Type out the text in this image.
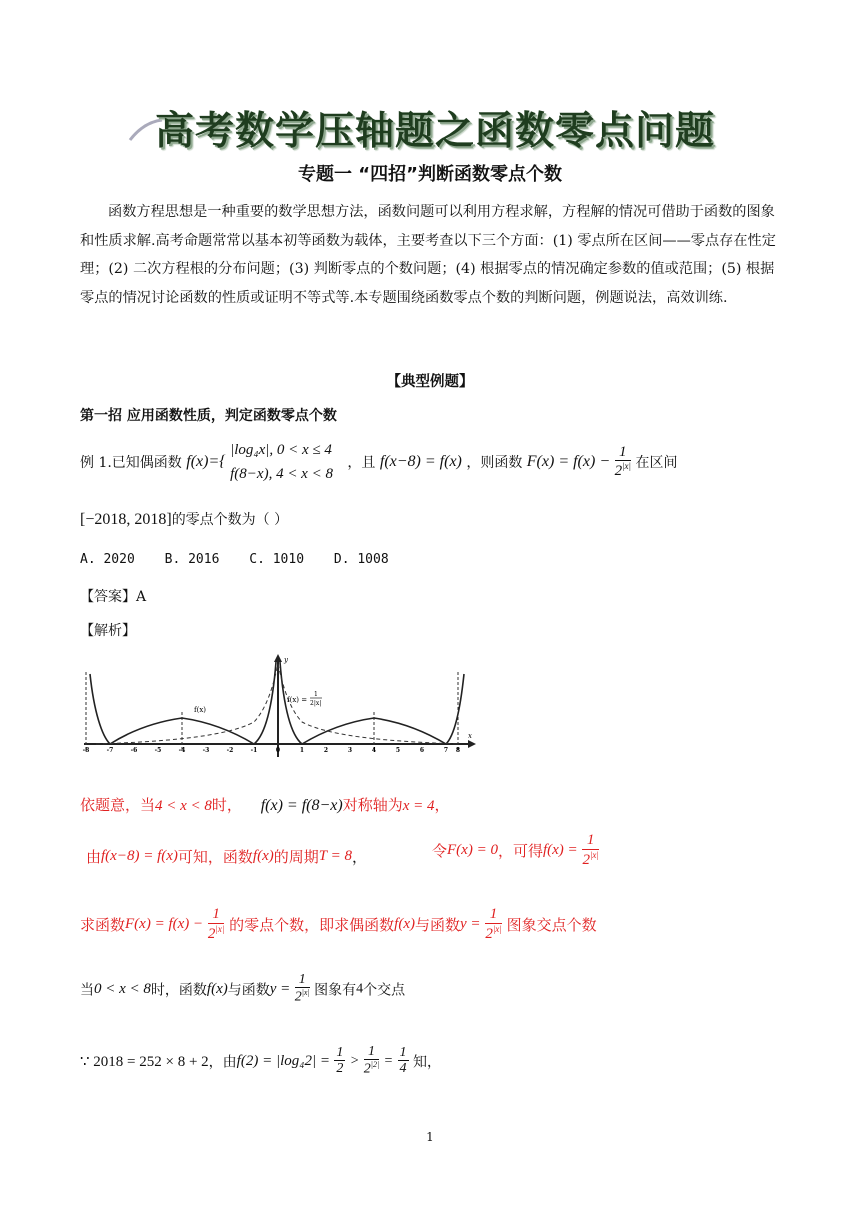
高考数学压轴题之函数零点问题
专题一 “四招”判断函数零点个数
函数方程思想是一种重要的数学思想方法，函数问题可以利用方程求解，方程解的情况可借助于函数的图象和性质求解.高考命题常常以基本初等函数为载体，主要考查以下三个方面：(1) 零点所在区间——零点存在性定理；(2) 二次方程根的分布问题；(3) 判断零点的个数问题；(4) 根据零点的情况确定参数的值或范围；(5) 根据零点的情况讨论函数的性质或证明不等式等.本专题围绕函数零点个数的判断问题，例题说法，高效训练.
【典型例题】
第一招 应用函数性质，判定函数零点个数
例 1.已知偶函数 f(x)={
|log₄x|, 0 < x ≤ 4
f(8−x), 4 < x < 8
，且 f(x−8) = f(x) ，则函数 $F(x) = f(x) - \frac{1}{2^{|x|}}$ 在区间
[−2018, 2018]的零点个数为（ ）
A. 2020 B. 2016 C. 1010 D. 1008
【答案】A
【解析】
y
x
f(x)
f(x) =
1
2|x|
-8	-7	-6	-5	-4	-3	-2	-1	0	1	2	3	4	5	6	7 8
依题意，当4 < x < 8时， f(x) = f(8−x)对称轴为x = 4，
由f(x−8) = f(x)可知，函数f(x)的周期T = 8，	令F(x) = 0，可得$f(x) = \frac{1}{2^{|x|}}$
求函数$F(x) = f(x) - \frac{1}{2^{|x|}}$ 的零点个数，即求偶函数f(x)与函数$y = \frac{1}{2^{|x|}}$ 图象交点个数
当0 < x < 8时，函数f(x)与函数$y = \frac{1}{2^{|x|}}$ 图象有4个交点
∵ 2018 = 252 × 8 + 2，由$f(2) = |\log_42| = \frac{1}{2} > \frac{1}{2^{|2|}} = \frac{1}{4}$ 知，
1
